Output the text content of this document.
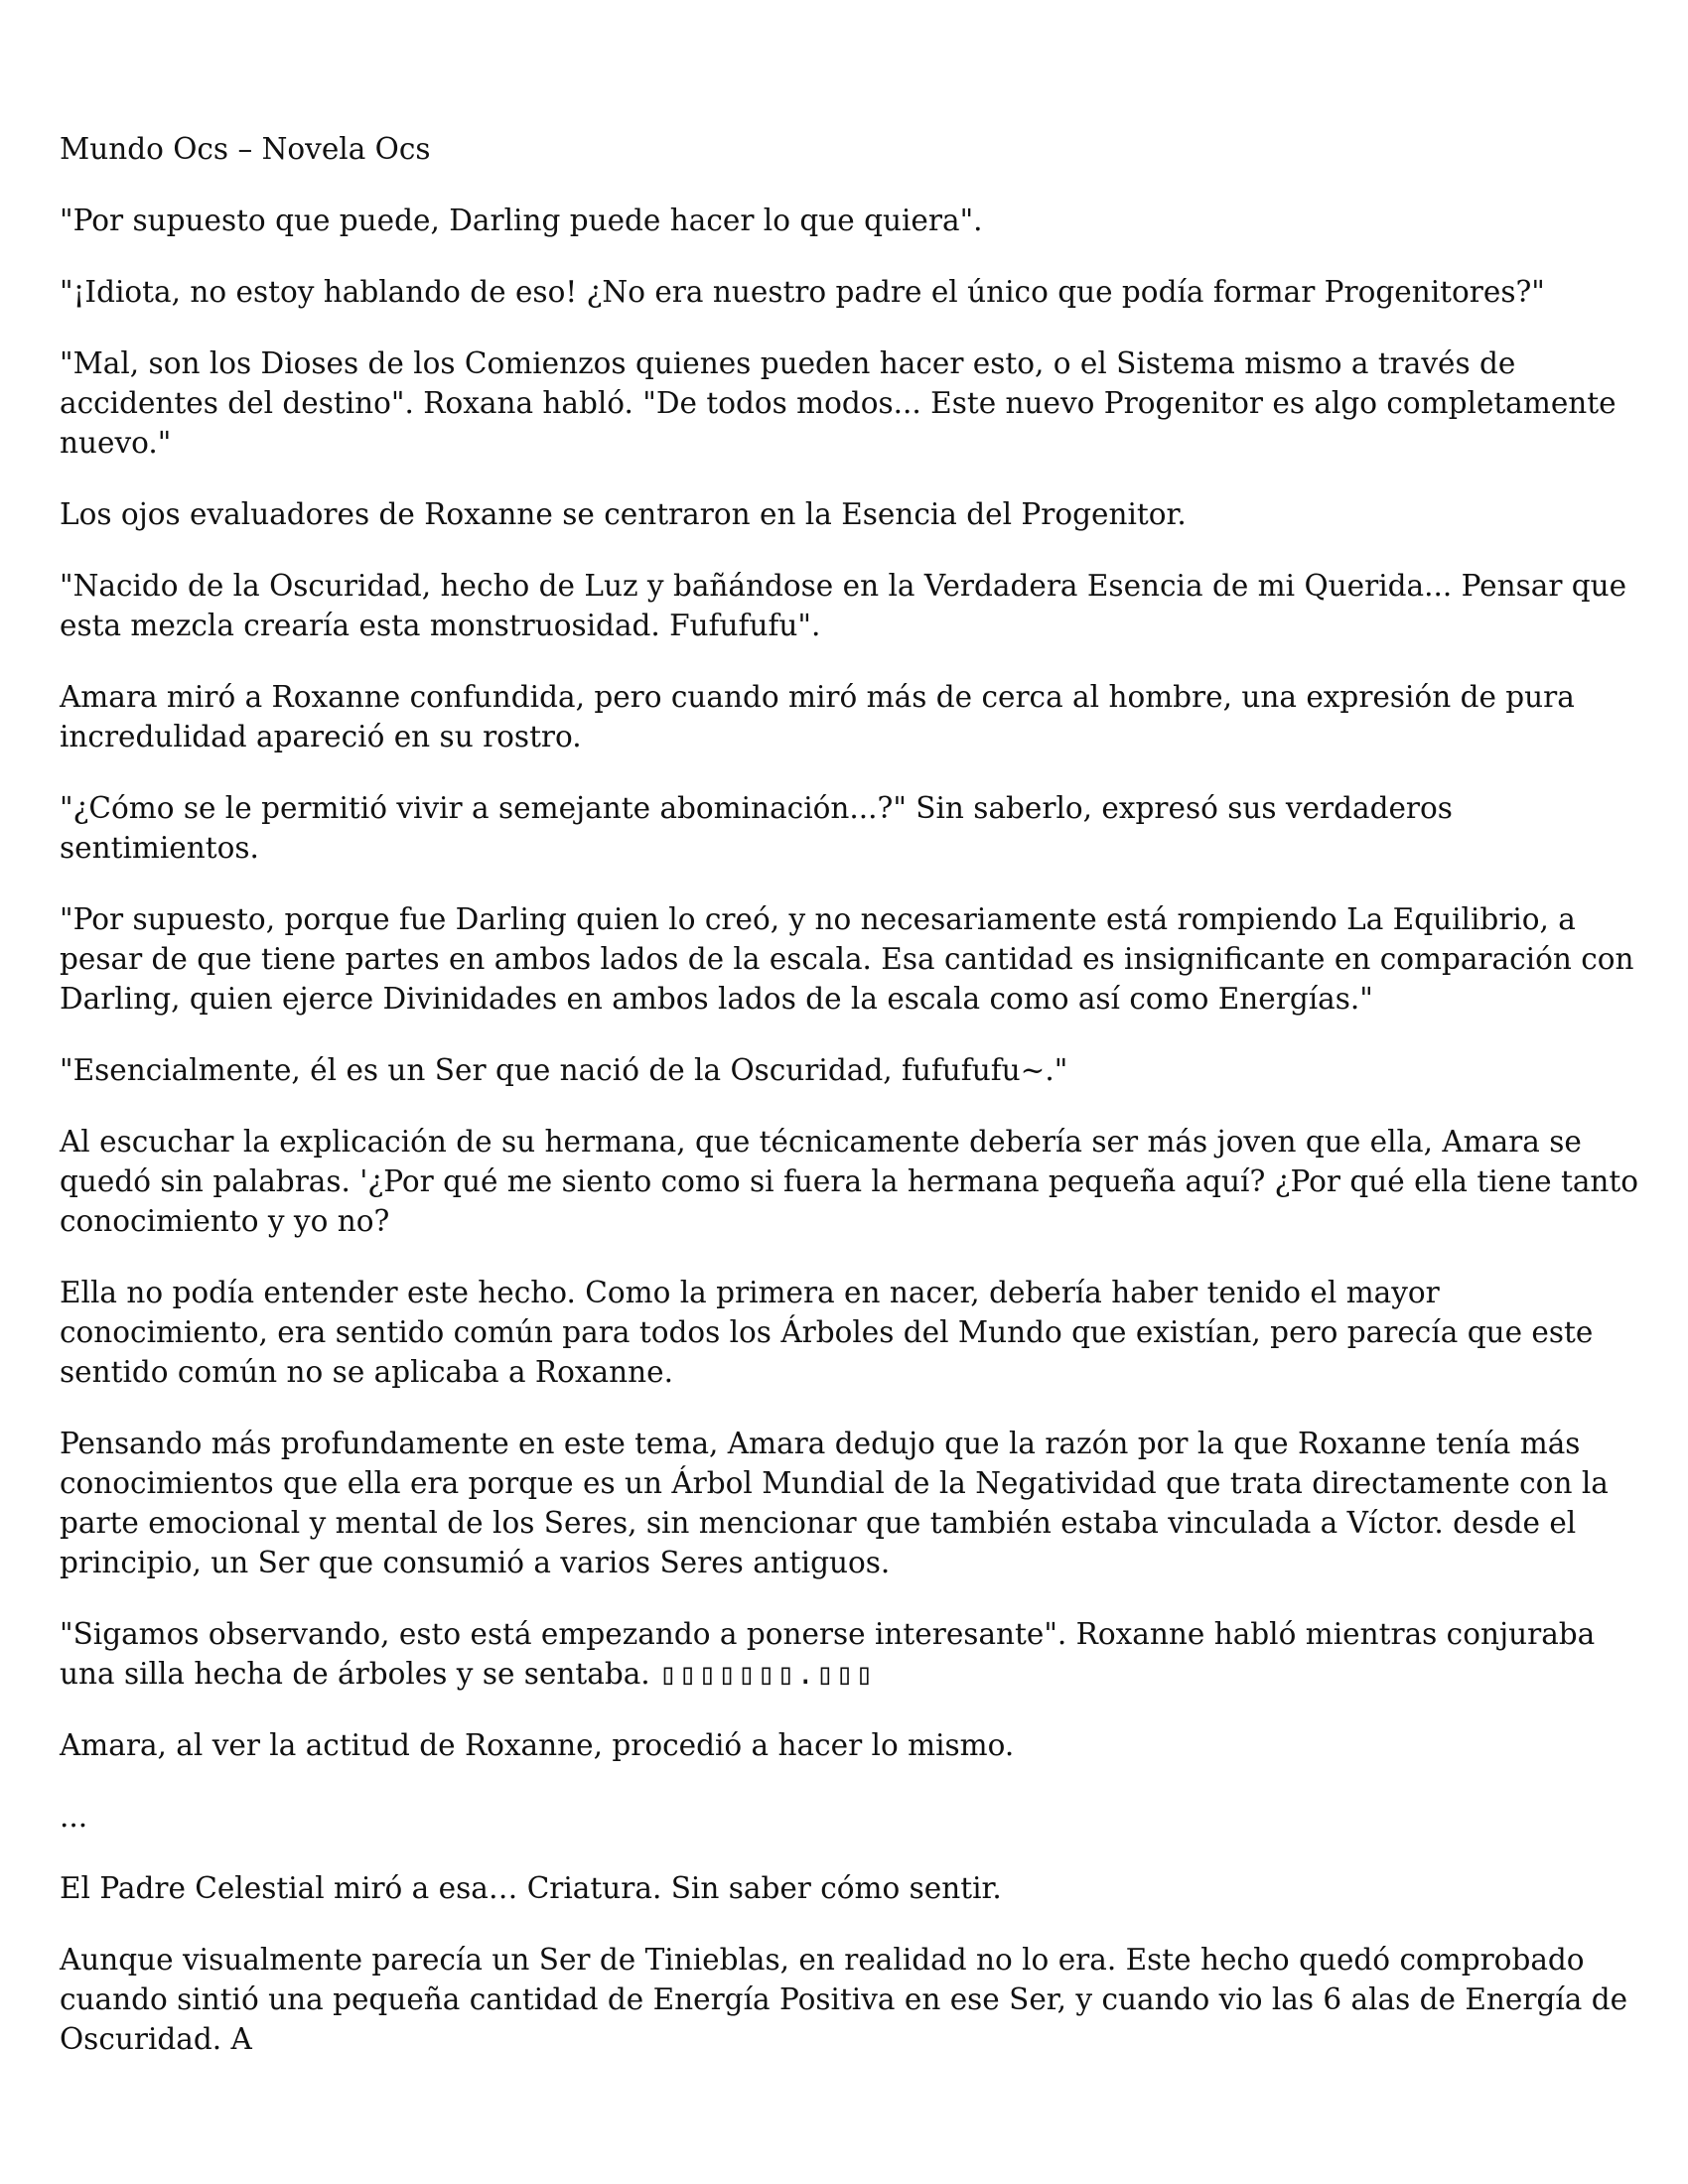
Mundo Ocs – Novela Ocs

"Por supuesto que puede, Darling puede hacer lo que quiera".

"¡Idiota, no estoy hablando de eso! ¿No era nuestro padre el único que podía formar Progenitores?"

"Mal, son los Dioses de los Comienzos quienes pueden hacer esto, o el Sistema mismo a través de accidentes del destino". Roxana habló. "De todos modos... Este nuevo Progenitor es algo completamente nuevo."

Los ojos evaluadores de Roxanne se centraron en la Esencia del Progenitor.

"Nacido de la Oscuridad, hecho de Luz y bañándose en la Verdadera Esencia de mi Querida... Pensar que esta mezcla crearía esta monstruosidad. Fufufufu".

Amara miró a Roxanne confundida, pero cuando miró más de cerca al hombre, una expresión de pura incredulidad apareció en su rostro.

"¿Cómo se le permitió vivir a semejante abominación...?" Sin saberlo, expresó sus verdaderos sentimientos.

"Por supuesto, porque fue Darling quien lo creó, y no necesariamente está rompiendo La Equilibrio, a pesar de que tiene partes en ambos lados de la escala. Esa cantidad es insignificante en comparación con Darling, quien ejerce Divinidades en ambos lados de la escala como así como Energías."

"Esencialmente, él es un Ser que nació de la Oscuridad, fufufufu~."

Al escuchar la explicación de su hermana, que técnicamente debería ser más joven que ella, Amara se quedó sin palabras. '¿Por qué me siento como si fuera la hermana pequeña aquí? ¿Por qué ella tiene tanto conocimiento y yo no?

Ella no podía entender este hecho. Como la primera en nacer, debería haber tenido el mayor conocimiento, era sentido común para todos los Árboles del Mundo que existían, pero parecía que este sentido común no se aplicaba a Roxanne.

Pensando más profundamente en este tema, Amara dedujo que la razón por la que Roxanne tenía más conocimientos que ella era porque es un Árbol Mundial de la Negatividad que trata directamente con la parte emocional y mental de los Seres, sin mencionar que también estaba vinculada a Víctor. desde el principio, un Ser que consumió a varios Seres antiguos.

"Sigamos observando, esto está empezando a ponerse interesante". Roxanne habló mientras conjuraba una silla hecha de árboles y se sentaba. ▯▯▯▯▯▯▯.▯▯▯

Amara, al ver la actitud de Roxanne, procedió a hacer lo mismo.

...

El Padre Celestial miró a esa… Criatura. Sin saber cómo sentir.

Aunque visualmente parecía un Ser de Tinieblas, en realidad no lo era. Este hecho quedó comprobado cuando sintió una pequeña cantidad de Energía Positiva en ese Ser, y cuando vio las 6 alas de Energía de Oscuridad. A
